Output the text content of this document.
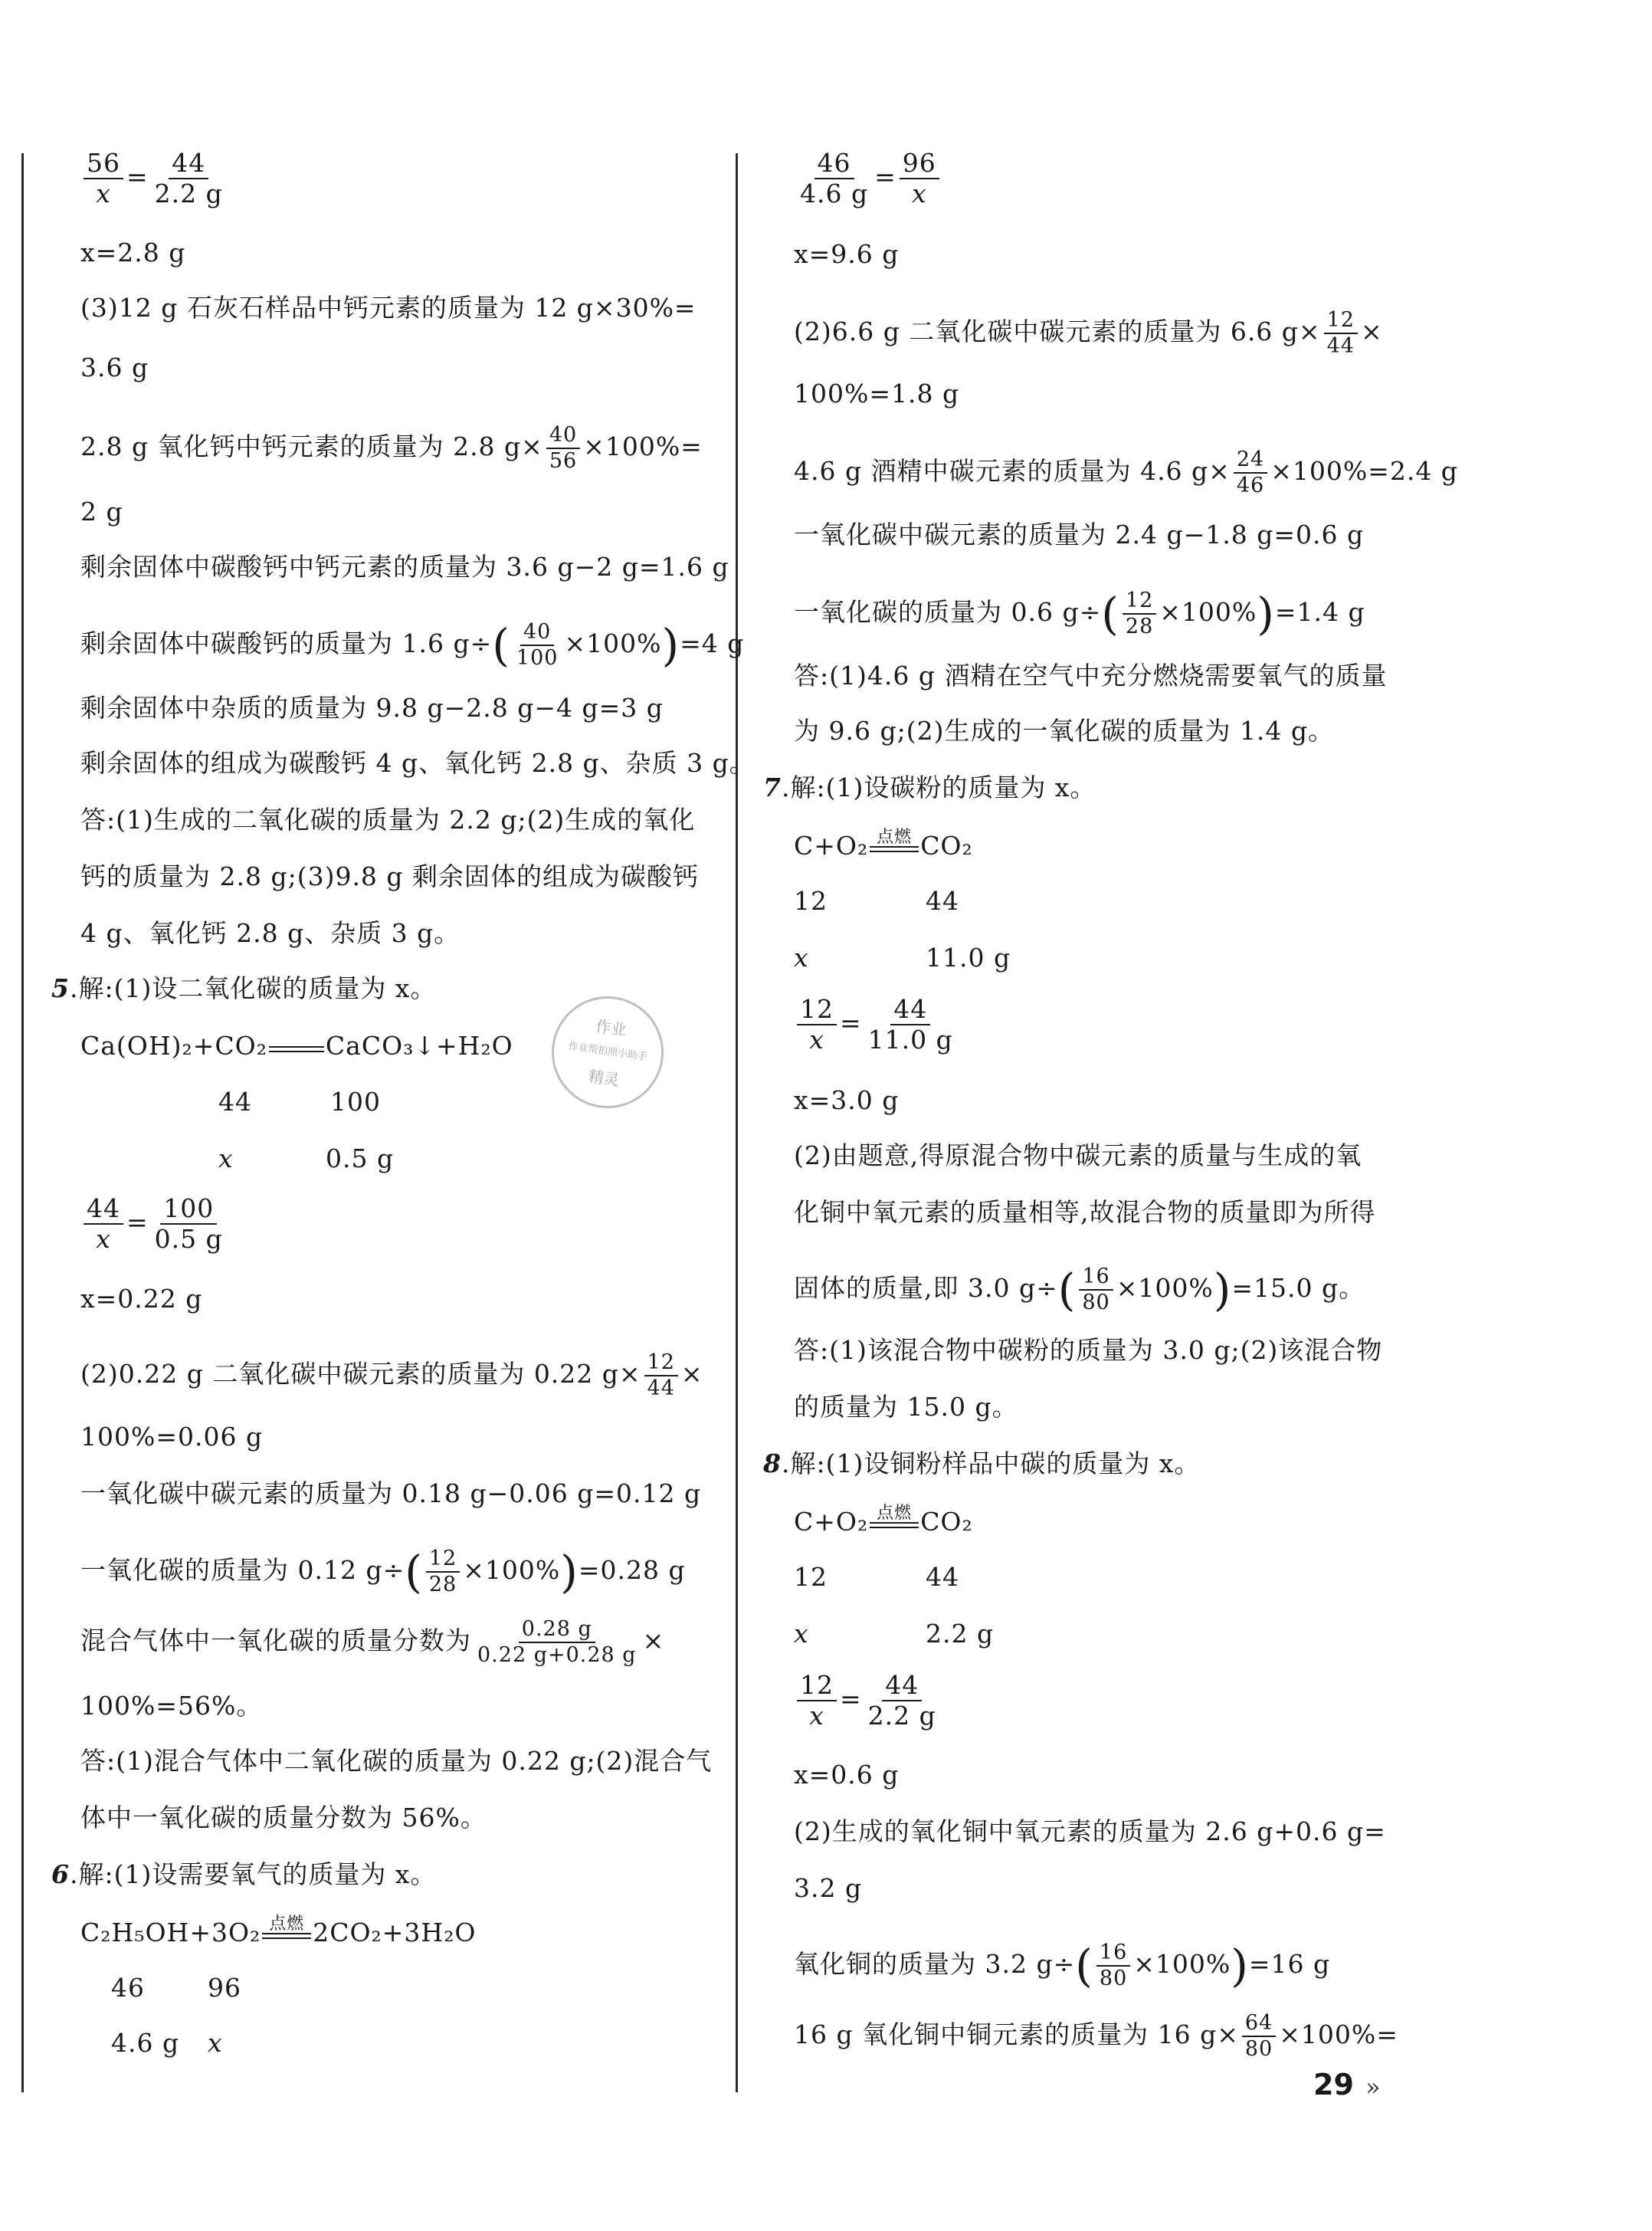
$\frac{56}{x} = \frac{44}{2.2 g}$
x=2.8 g
(3)12 g 石灰石样品中钙元素的质量为 12 g×30%=
3.6 g
2.8 g 氧化钙中钙元素的质量为 2.8 $g\times \frac{40}{56} \times 100\%=$
2 g
剩余固体中碳酸钙中钙元素的质量为 3.6 g−2 g=1.6 g
剩余固体中碳酸钙的质量为 1.6 $g\div( \frac{40}{100} \times 100\%)=4$ g
剩余固体中杂质的质量为 9.8 g−2.8 g−4 g=3 g
剩余固体的组成为碳酸钙 4 g、氧化钙 2.8 g、杂质 3 g。
答:(1)生成的二氧化碳的质量为 2.2 g;(2)生成的氧化
钙的质量为 2.8 g;(3)9.8 g 剩余固体的组成为碳酸钙
4 g、氧化钙 2.8 g、杂质 3 g。
5.解:(1)设二氧化碳的质量为 x。
Ca(OH)₂+CO₂ CaCO₃↓+H₂O
44	100
x	0.5 g
$\frac{44}{x} = \frac{100}{0.5 g}$
x=0.22 g
(2)0.22 g 二氧化碳中碳元素的质量为 0.22 $g\times \frac{12}{44}$ ×
100%=0.06 g
一氧化碳中碳元素的质量为 0.18 g−0.06 g=0.12 g
一氧化碳的质量为 0.12 $g\div( \frac{12}{28} \times 100\%)=0.28$ g
混合气体中一氧化碳的质量分数为 $\frac{0.28 g}{0.22 g+0.28 g}$ ×
100%=56%。
答:(1)混合气体中二氧化碳的质量为 0.22 g;(2)混合气
体中一氧化碳的质量分数为 56%。
6.解:(1)设需要氧气的质量为 x。
C₂H₅OH+3O₂ 点燃 2CO₂+3H₂O
46 96
4.6 g x
$\frac{46}{4.6 g} = \frac{96}{x}$
x=9.6 g
(2)6.6 g 二氧化碳中碳元素的质量为 6.6 $g\times \frac{12}{44}$ ×
100%=1.8 g
4.6 g 酒精中碳元素的质量为 4.6 $g\times \frac{24}{46} \times 100\%=2.4$ g
一氧化碳中碳元素的质量为 2.4 g−1.8 g=0.6 g
一氧化碳的质量为 0.6 $g\div( \frac{12}{28} \times 100\%)=1.4$ g
答:(1)4.6 g 酒精在空气中充分燃烧需要氧气的质量
为 9.6 g;(2)生成的一氧化碳的质量为 1.4 g。
7.解:(1)设碳粉的质量为 x。
C+O₂ 点燃 CO₂
12	44
x	11.0 g
$\frac{12}{x} = \frac{44}{11.0 g}$
x=3.0 g
(2)由题意,得原混合物中碳元素的质量与生成的氧
化铜中氧元素的质量相等,故混合物的质量即为所得
固体的质量,即 3.0 $g\div( \frac{16}{80} \times 100\%)=15.0$ g。
答:(1)该混合物中碳粉的质量为 3.0 g;(2)该混合物
的质量为 15.0 g。
8.解:(1)设铜粉样品中碳的质量为 x。
C+O₂ 点燃 CO₂
12	44
x	2.2 g
$\frac{12}{x} = \frac{44}{2.2 g}$
x=0.6 g
(2)生成的氧化铜中氧元素的质量为 2.6 g+0.6 g=
3.2 g
氧化铜的质量为 3.2 $g\div( \frac{16}{80} \times 100\%)=16$ g
16 g 氧化铜中铜元素的质量为 16 $g\times \frac{64}{80} \times 100\%=$
作业
作业帮拍照小助手
精灵
29 »
